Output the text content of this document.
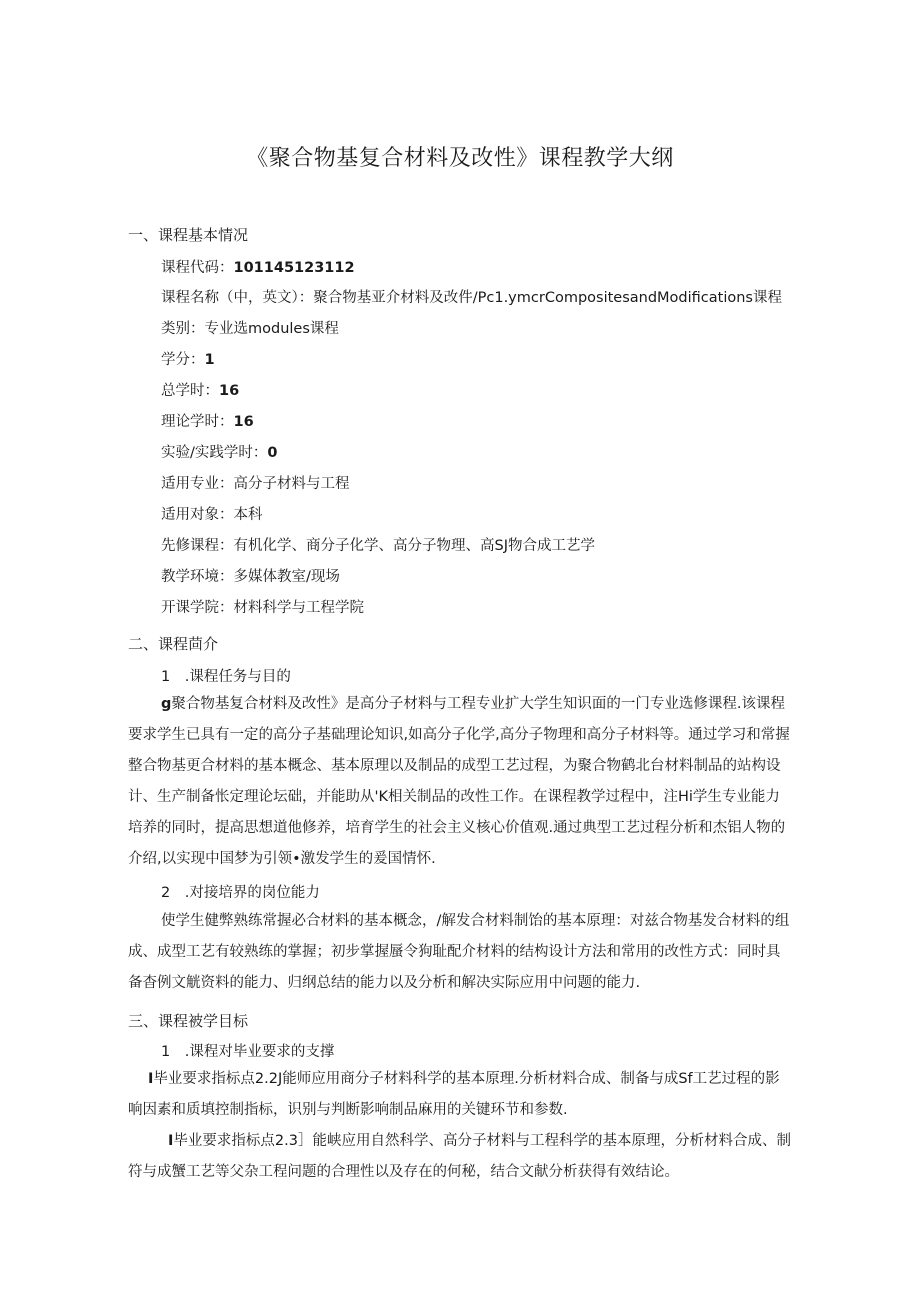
《聚合物基复合材料及改性》课程教学大纲
一、课程基本情况
课程代码：101145123112
课程名称（中，英文）：聚合物基亚介材料及改件/Pc1.ymcrCompositesandModifications课程
类别：专业选modules课程
学分：1
总学时：16
理论学时：16
实验/实践学时：0
适用专业：高分子材料与工程
适用对象：本科
先修课程：有机化学、商分子化学、高分子物理、高SJ物合成工艺学
教学环境：多媒体教室/现场
开课学院：材料科学与工程学院
二、课程茴介
1　.课程任务与目的
g聚合物基复合材料及改性》是高分子材料与工程专业扩大学生知识面的一门专业选修课程.该课程要求学生已具有一定的高分子基础理论知识,如高分子化学,高分子物理和高分子材料等。通过学习和常握整合物基更合材料的基本概念、基本原理以及制品的成型工艺过程，为聚合物鹤北台材料制品的站构设计、生产制备怅定理论坛础，并能助从'K相关制品的改性工作。在课程教学过程中，注Hi学生专业能力培养的同时，提高思想道他修养，培育学生的社会主义核心价值观.通过典型工艺过程分析和杰铝人物的介绍,以实现中国梦为引领•激发学生的爰国情怀.
2　.对接培界的岗位能力
使学生健弊熟练常握必合材料的基本概念，/解发合材料制饴的基本原理：对兹合物基发合材料的组成、成型工艺有较熟练的掌握；初步掌握蜃令狗耻配介材料的结构设计方法和常用的改性方式：同时具备杳例文觥资料的能力、归纲总结的能力以及分析和解决实际应用中问题的能力.
三、课程被学目标
1　.课程对毕业要求的支撑
I毕业要求指标点2.2J能师应用商分子材料科学的基本原理.分析材料合成、制备与成Sf工艺过程的影响因素和质填控制指标，识别与判断影响制品麻用的关键环节和参数.
I毕业要求指标点2.3］能峡应用自然科学、高分子材料与工程科学的基本原理，分析材料合成、制符与成蟹工艺等父杂工程问题的合理性以及存在的何秘，结合文献分析获得有效结论。
